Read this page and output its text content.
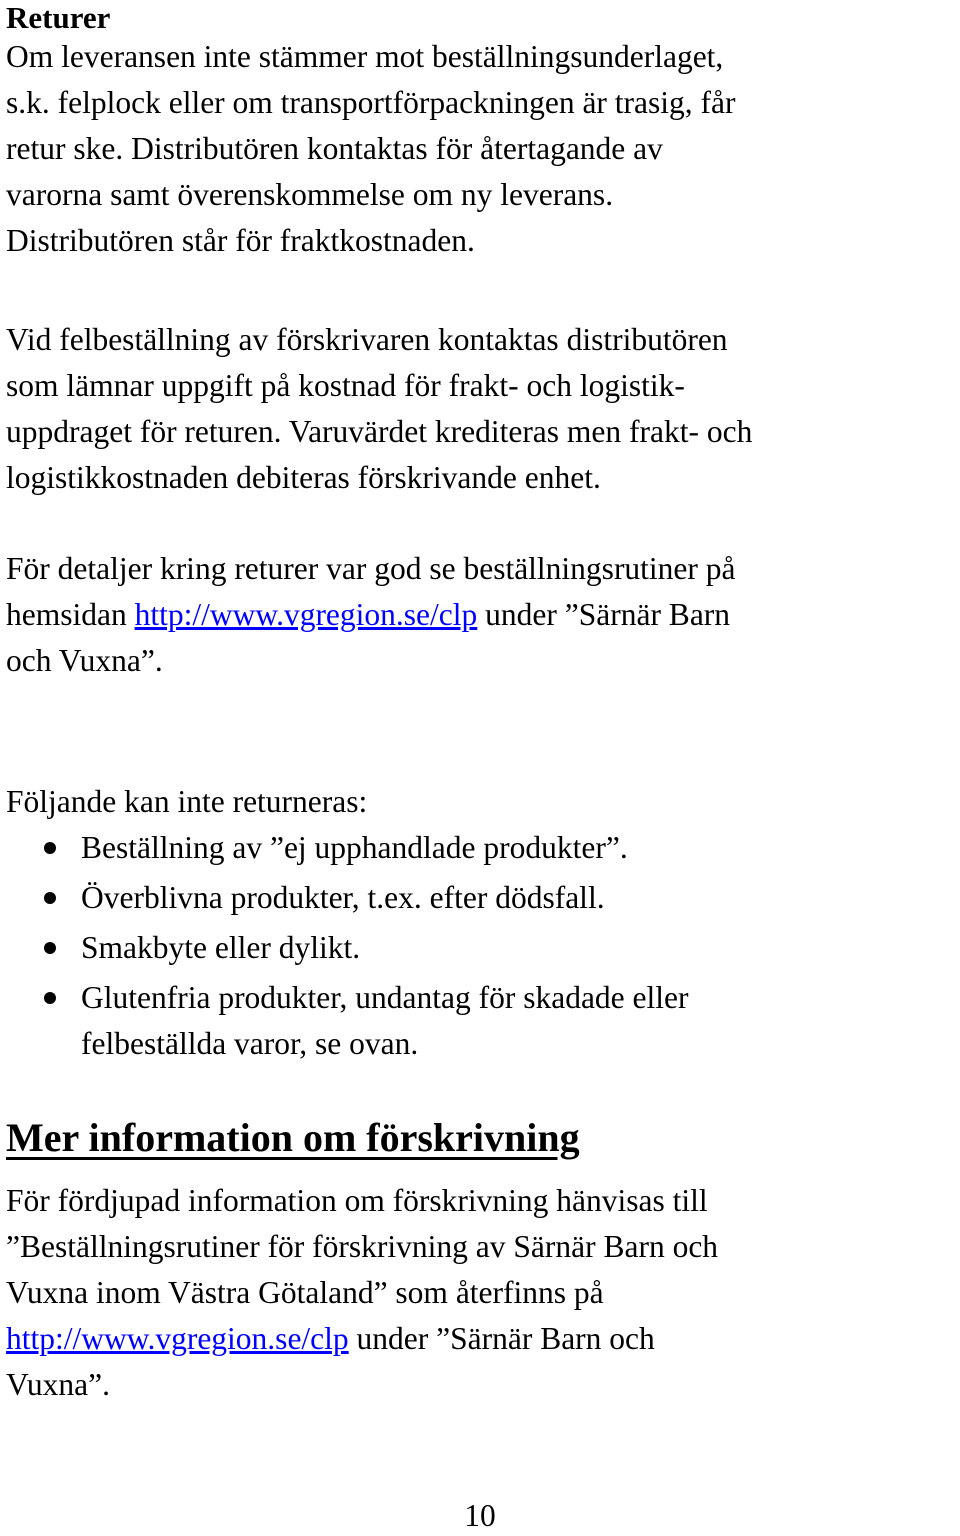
Returer

Om leveransen inte stämmer mot beställningsunderlaget,
s.k. felplock eller om transportförpackningen är trasig, får
retur ske. Distributören kontaktas för återtagande av
varorna samt överenskommelse om ny leverans.
Distributören står för fraktkostnaden.

Vid felbeställning av förskrivaren kontaktas distributören
som lämnar uppgift på kostnad för frakt- och logistik-
uppdraget för returen. Varuvärdet krediteras men frakt- och
logistikkostnaden debiteras förskrivande enhet.

För detaljer kring returer var god se beställningsrutiner på
hemsidan http://www.vgregion.se/clp under ”Särnär Barn
och Vuxna”.

Följande kan inte returneras:

Beställning av ”ej upphandlade produkter”.
Överblivna produkter, t.ex. efter dödsfall.
Smakbyte eller dylikt.
Glutenfria produkter, undantag för skadade eller
felbeställda varor, se ovan.
Mer information om förskrivning

För fördjupad information om förskrivning hänvisas till
”Beställningsrutiner för förskrivning av Särnär Barn och
Vuxna inom Västra Götaland” som återfinns på
http://www.vgregion.se/clp under ”Särnär Barn och
Vuxna”.

10
